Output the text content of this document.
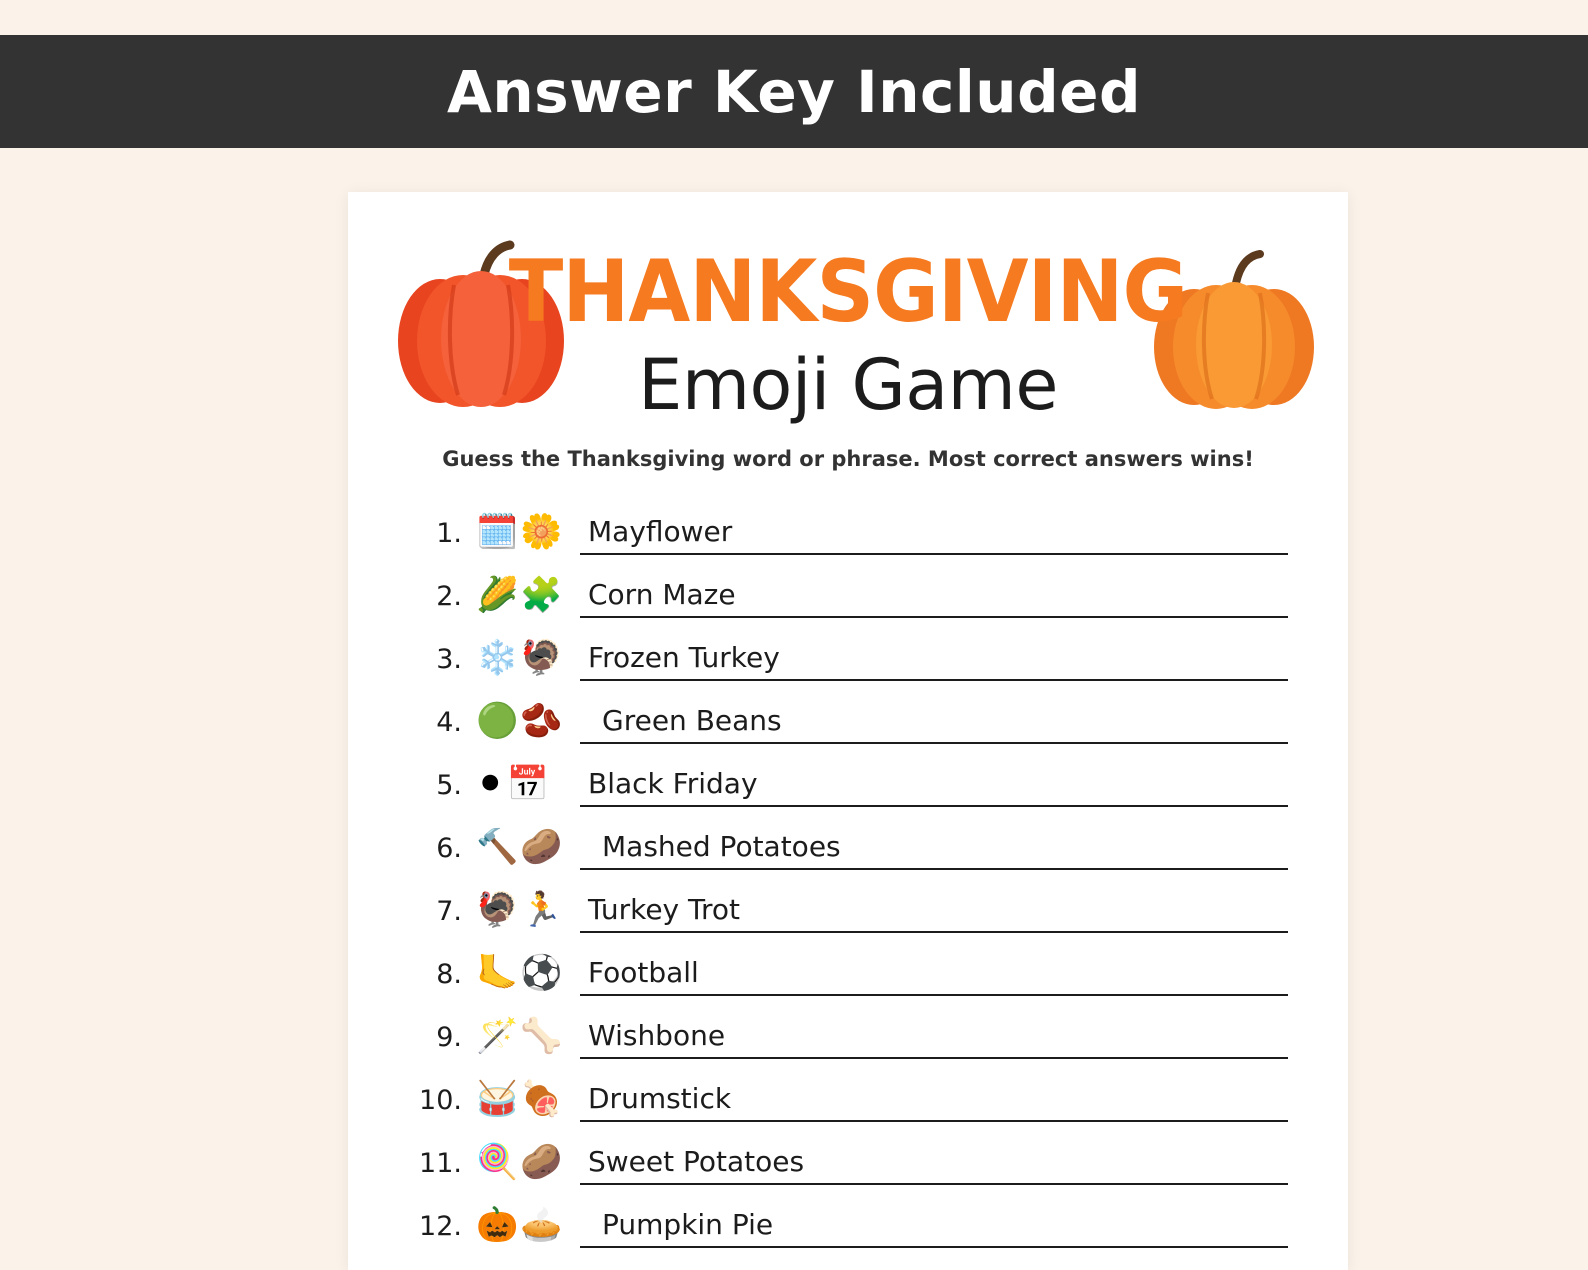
Answer Key Included
THANKSGIVING
Emoji Game
Guess the Thanksgiving word or phrase. Most correct answers wins!
1. 🗓️🌼 Mayflower
2. 🌽🧩 Corn Maze
3. ❄️🦃 Frozen Turkey
4. 🟢🫘	Green Beans
5. ⚫📅	Black Friday
6. 🔨🥔	Mashed Potatoes
7. 🦃🏃 Turkey Trot
8. 🦶⚽ Football
9. 🪄🦴 Wishbone
10. 🥁🍖 Drumstick
11. 🍭🥔 Sweet Potatoes
12. 🎃🥧	Pumpkin Pie
